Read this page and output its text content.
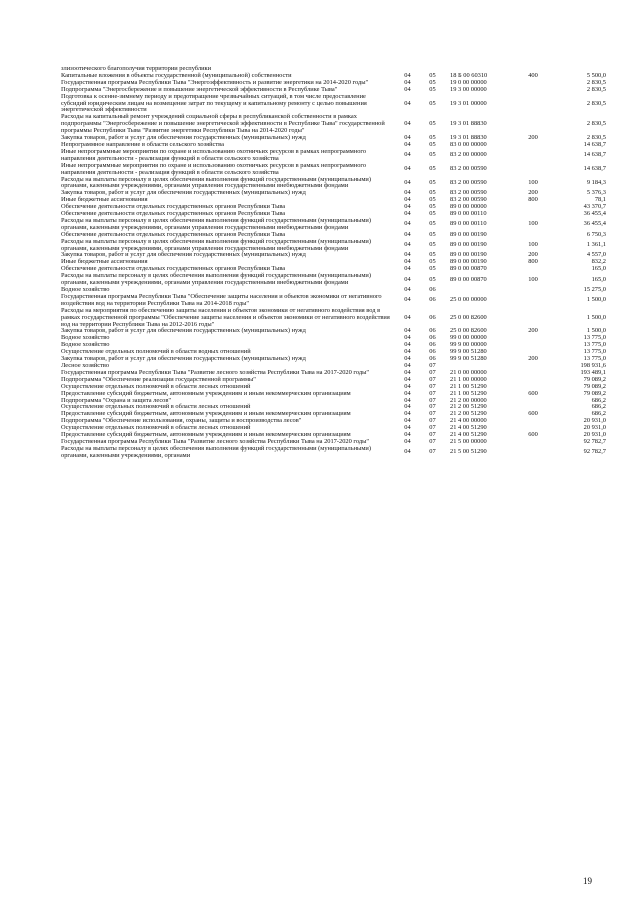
злизоотического благополучия территории республики					
Капитальные вложения в объекты государственной (муниципальной) собственности	04	05	18 Б 00 60310	400	5 500,0
Государственная программа Республики Тыва "Энергоэффективность и развитие энергетики на 2014-2020 годы"	04	05	19 0 00 00000		2 830,5
Подпрограмма "Энергосбережение и повышение энергетической эффективности в Республике Тыва"	04	05	19 3 00 00000		2 830,5
Подготовка к осенне-зимнему периоду и предотвращение чрезвычайных ситуаций, в том числе предоставление субсидий юридическим лицам на возмещение затрат по текущему и капитальному ремонту с целью повышения энергетической эффективности	04	05	19 3 01 00000		2 830,5
Расходы на капитальный ремонт учреждений социальной сферы в республиканской собственности в рамках подпрограммы "Энергосбережение и повышение энергетической эффективности в Республике Тыва" государственной программы Республики Тыва "Развитие энергетики Республики Тыва на 2014-2020 годы"	04	05	19 3 01 88830		2 830,5
Закупка товаров, работ и услуг для обеспечения государственных (муниципальных) нужд	04	05	19 3 01 88830	200	2 830,5
Непрограммное направление в области сельского хозяйства	04	05	83 0 00 00000		14 638,7
Иные непрограммные мероприятия по охране и использованию охотничьих ресурсов в рамках непрограммного направления деятельности - реализация функций в области сельского хозяйства	04	05	83 2 00 00000		14 638,7
Иные непрограммные мероприятия по охране и использованию охотничьих ресурсов в рамках непрограммного направления деятельности - реализация функций в области сельского хозяйства	04	05	83 2 00 00590		14 638,7
Расходы на выплаты персоналу в целях обеспечения выполнения функций государственными (муниципальными) органами, казенными учреждениями, органами управления государственными внебюджетными фондами	04	05	83 2 00 00590	100	9 184,3
Закупка товаров, работ и услуг для обеспечения государственных (муниципальных) нужд	04	05	83 2 00 00590	200	5 376,3
Иные бюджетные ассигнования	04	05	83 2 00 00590	800	78,1
Обеспечение деятельности отдельных государственных органов Республики Тыва	04	05	89 0 00 00000		43 370,7
Обеспечение деятельности отдельных государственных органов Республики Тыва	04	05	89 0 00 00110		36 455,4
Расходы на выплаты персоналу в целях обеспечения выполнения функций государственными (муниципальными) органами, казенными учреждениями, органами управления государственными внебюджетными фондами	04	05	89 0 00 00110	100	36 455,4
Обеспечение деятельности отдельных государственных органов Республики Тыва	04	05	89 0 00 00190		6 750,3
Расходы на выплаты персоналу в целях обеспечения выполнения функций государственными (муниципальными) органами, казенными учреждениями, органами управления государственными внебюджетными фондами	04	05	89 0 00 00190	100	1 361,1
Закупка товаров, работ и услуг для обеспечения государственных (муниципальных) нужд	04	05	89 0 00 00190	200	4 557,0
Иные бюджетные ассигнования	04	05	89 0 00 00190	800	832,2
Обеспечение деятельности отдельных государственных органов Республики Тыва	04	05	89 0 00 00870		165,0
Расходы на выплаты персоналу в целях обеспечения выполнения функций государственными (муниципальными) органами, казенными учреждениями, органами управления государственными внебюджетными фондами	04	05	89 0 00 00870	100	165,0
Водное хозяйство	04	06			15 275,0
Государственная программа Республики Тыва "Обеспечение защиты населения и объектов экономики от негативного воздействия вод на территории Республики Тыва на 2014-2018 годы"	04	06	25 0 00 00000		1 500,0
Расходы на мероприятия по обеспечению защиты населения и объектов экономики от негативного воздействия вод в рамках государственной программы "Обеспечение защиты населения и объектов экономики от негативного воздействия вод на территории Республики Тыва на 2012-2016 годы"	04	06	25 0 00 82600		1 500,0
Закупка товаров, работ и услуг для обеспечения государственных (муниципальных) нужд	04	06	25 0 00 82600	200	1 500,0
Водное хозяйство	04	06	99 0 00 00000		13 775,0
Водное хозяйство	04	06	99 9 00 00000		13 775,0
Осуществление отдельных полномочий в области водных отношений	04	06	99 9 00 51280		13 775,0
Закупка товаров, работ и услуг для обеспечения государственных (муниципальных) нужд	04	06	99 9 00 51280	200	13 775,0
Лесное хозяйство	04	07			198 931,6
Государственная программа Республики Тыва "Развитие лесного хозяйства Республики Тыва на 2017-2020 годы"	04	07	21 0 00 00000		193 489,1
Подпрограмма "Обеспечение реализации государственной программы"	04	07	21 1 00 00000		79 089,2
Осуществление отдельных полномочий в области лесных отношений	04	07	21 1 00 51290		79 089,2
Предоставление субсидий бюджетным, автономным учреждениям и иным некоммерческим организациям	04	07	21 1 00 51290	600	79 089,2
Подпрограмма "Охрана и защита лесов"	04	07	21 2 00 00000		686,2
Осуществление отдельных полномочий в области лесных отношений	04	07	21 2 00 51290		686,2
Предоставление субсидий бюджетным, автономным учреждениям и иным некоммерческим организациям	04	07	21 2 00 51290	600	686,2
Подпрограмма "Обеспечение использования, охраны, защиты и воспроизводства лесов"	04	07	21 4 00 00000		20 931,0
Осуществление отдельных полномочий в области лесных отношений	04	07	21 4 00 51290		20 931,0
Предоставление субсидий бюджетным, автономным учреждениям и иным некоммерческим организациям	04	07	21 4 00 51290	600	20 931,0
Государственная программа Республики Тыва "Развитие лесного хозяйства Республики Тыва на 2017-2020 годы"	04	07	21 5 00 00000		92 782,7
Расходы на выплаты персоналу в целях обеспечения выполнения функций государственными (муниципальными) органами, казенными учреждениями, органами	04	07	21 5 00 51290		92 782,7
19
